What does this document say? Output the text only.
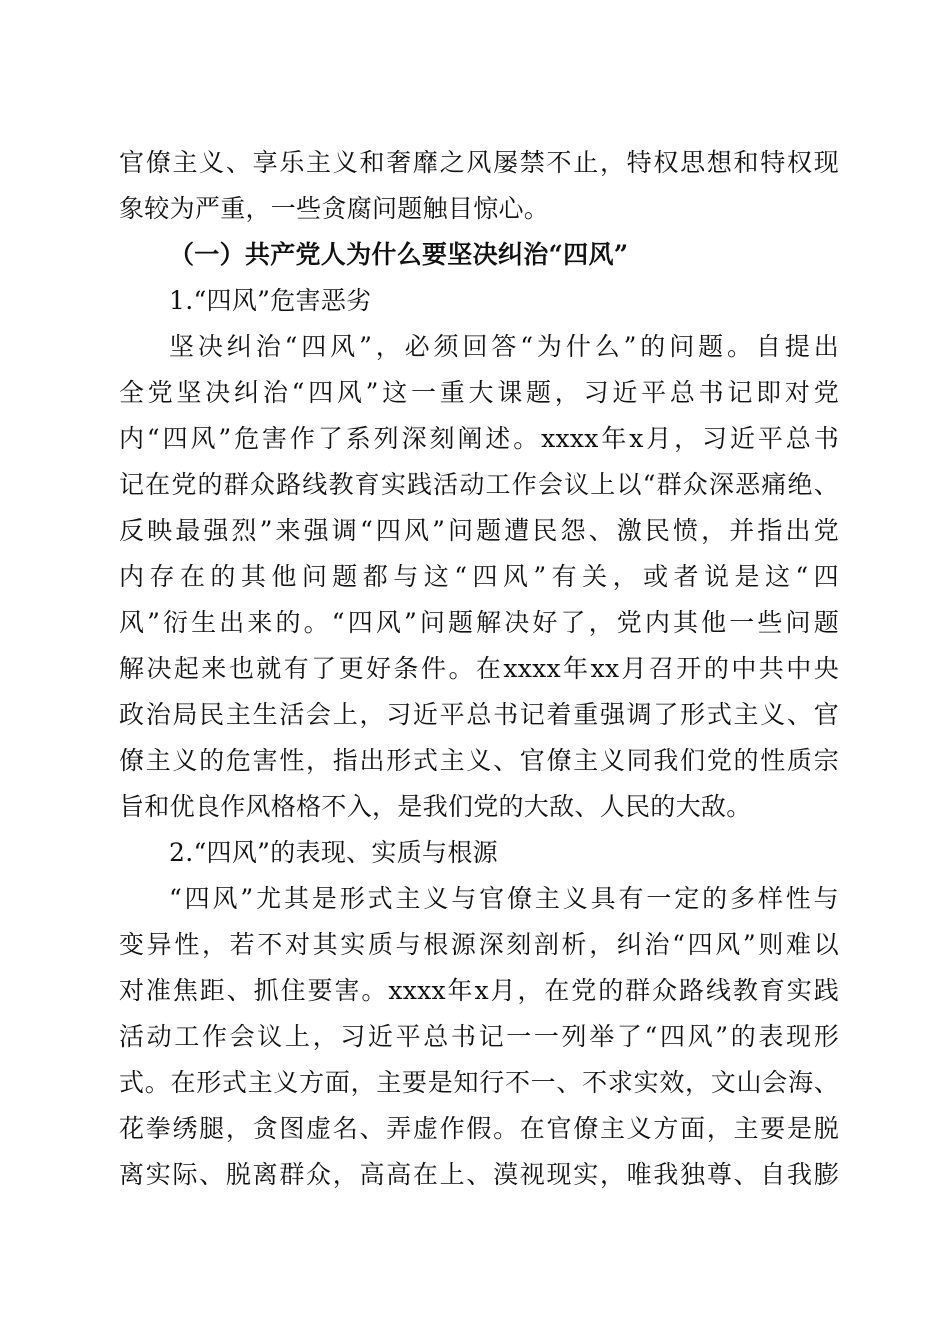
官僚主义、享乐主义和奢靡之风屡禁不止，特权思想和特权现
象较为严重，一些贪腐问题触目惊心。
（一）共产党人为什么要坚决纠治“四风”
1.“四风”危害恶劣
坚决纠治“四风”，必须回答“为什么”的问题。自提出
全党坚决纠治“四风”这一重大课题，习近平总书记即对党
内“四风”危害作了系列深刻阐述。xxxx年x月，习近平总书
记在党的群众路线教育实践活动工作会议上以“群众深恶痛绝、
反映最强烈”来强调“四风”问题遭民怨、激民愤，并指出党
内存在的其他问题都与这“四风”有关，或者说是这“四
风”衍生出来的。“四风”问题解决好了，党内其他一些问题
解决起来也就有了更好条件。在xxxx年xx月召开的中共中央
政治局民主生活会上，习近平总书记着重强调了形式主义、官
僚主义的危害性，指出形式主义、官僚主义同我们党的性质宗
旨和优良作风格格不入，是我们党的大敌、人民的大敌。
2.“四风”的表现、实质与根源
“四风”尤其是形式主义与官僚主义具有一定的多样性与
变异性，若不对其实质与根源深刻剖析，纠治“四风”则难以
对准焦距、抓住要害。xxxx年x月，在党的群众路线教育实践
活动工作会议上，习近平总书记一一列举了“四风”的表现形
式。在形式主义方面，主要是知行不一、不求实效，文山会海、
花拳绣腿，贪图虚名、弄虚作假。在官僚主义方面，主要是脱
离实际、脱离群众，高高在上、漠视现实，唯我独尊、自我膨
